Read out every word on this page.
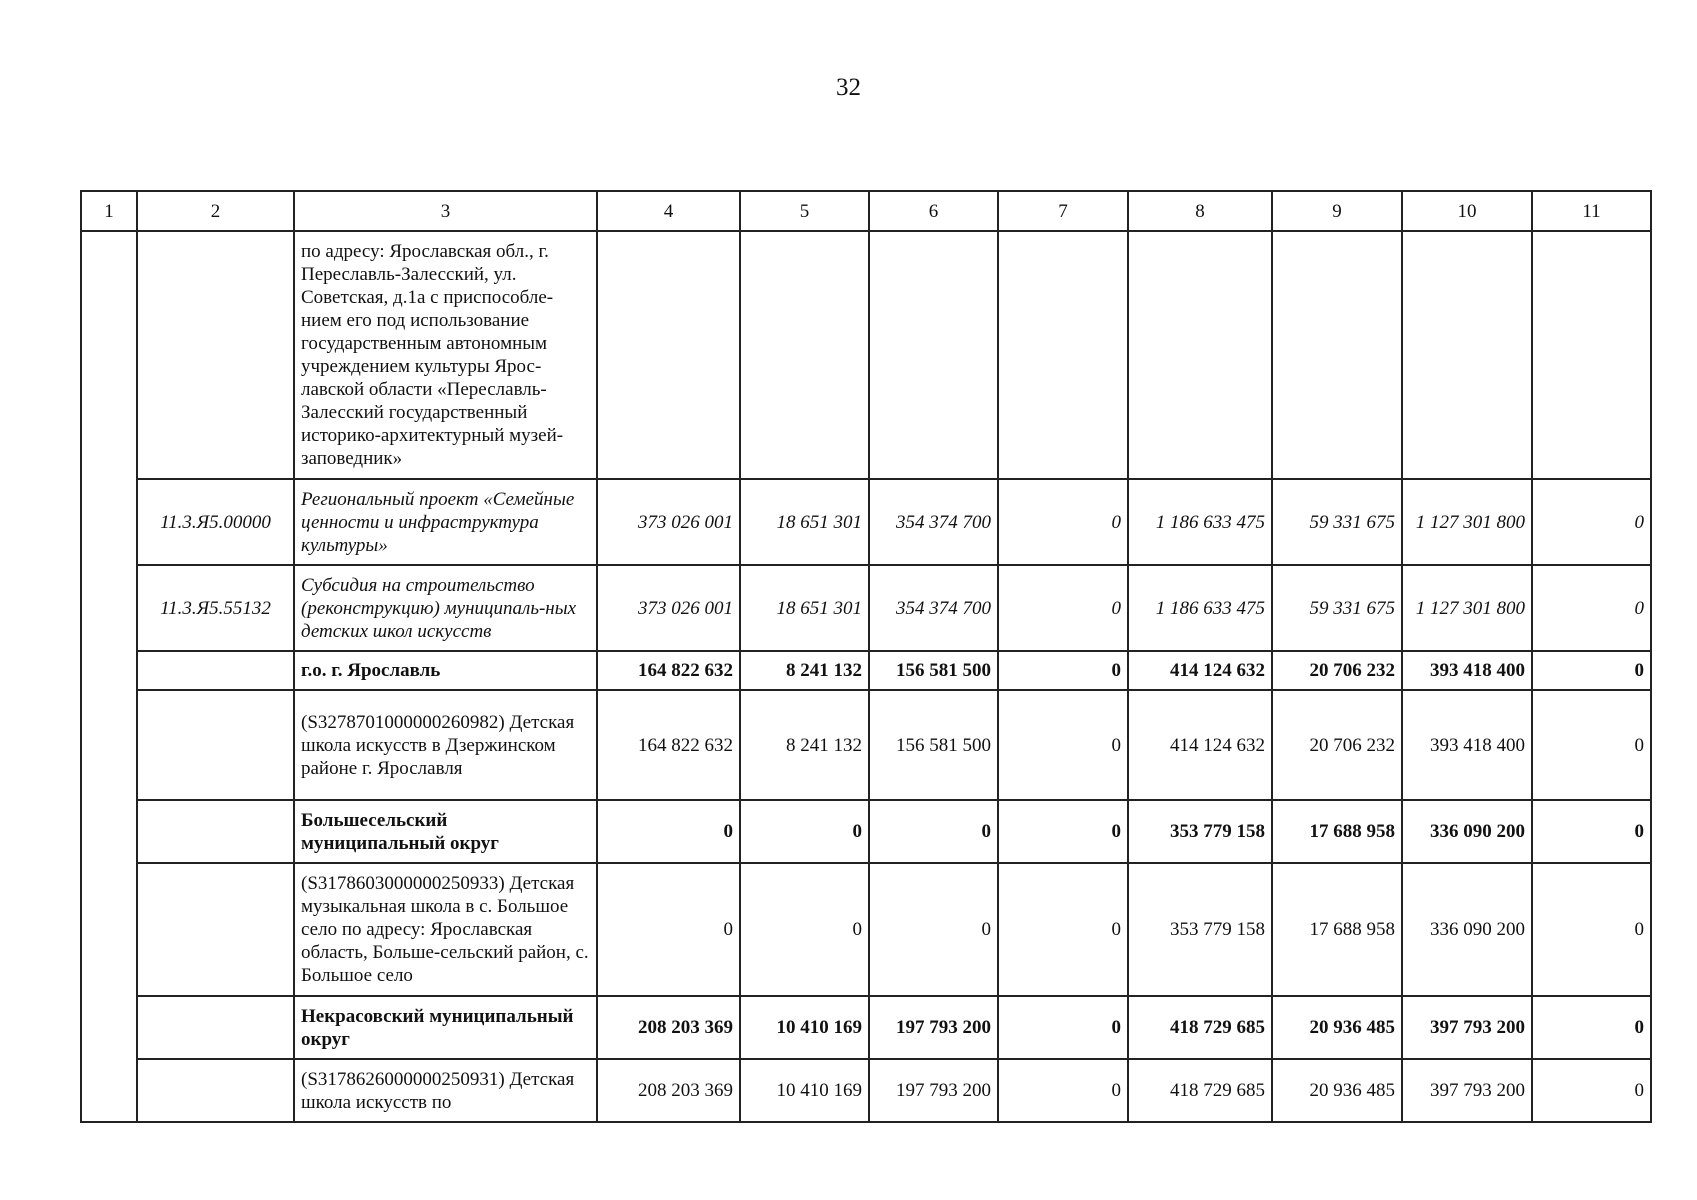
32
1	2	3	4	5	6	7	8	9	10	11
		по адресу: Ярославская обл., г. Переславль-Залесский, ул. Советская, д.1а с приспособле-нием его под использование государственным автономным учреждением культуры Ярос-лавской области «Переславль-Залесский государственный историко-архитектурный музей-заповедник»								
	11.3.Я5.00000	Региональный проект «Семейные ценности и инфраструктура культуры»	373 026 001	18 651 301	354 374 700	0	1 186 633 475	59 331 675	1 127 301 800	0
	11.3.Я5.55132	Субсидия на строительство (реконструкцию) муниципаль-ных детских школ искусств	373 026 001	18 651 301	354 374 700	0	1 186 633 475	59 331 675	1 127 301 800	0
		г.о. г. Ярославль	164 822 632	8 241 132	156 581 500	0	414 124 632	20 706 232	393 418 400	0
		(S3278701000000260982) Детская школа искусств в Дзержинском районе г. Ярославля	164 822 632	8 241 132	156 581 500	0	414 124 632	20 706 232	393 418 400	0
		Большесельский муниципальный округ	0	0	0	0	353 779 158	17 688 958	336 090 200	0
		(S3178603000000250933) Детская музыкальная школа в с. Большое село по адресу: Ярославская область, Больше-сельский район, с. Большое село	0	0	0	0	353 779 158	17 688 958	336 090 200	0
		Некрасовский муниципальный округ	208 203 369	10 410 169	197 793 200	0	418 729 685	20 936 485	397 793 200	0
		(S3178626000000250931) Детская школа искусств по	208 203 369	10 410 169	197 793 200	0	418 729 685	20 936 485	397 793 200	0
